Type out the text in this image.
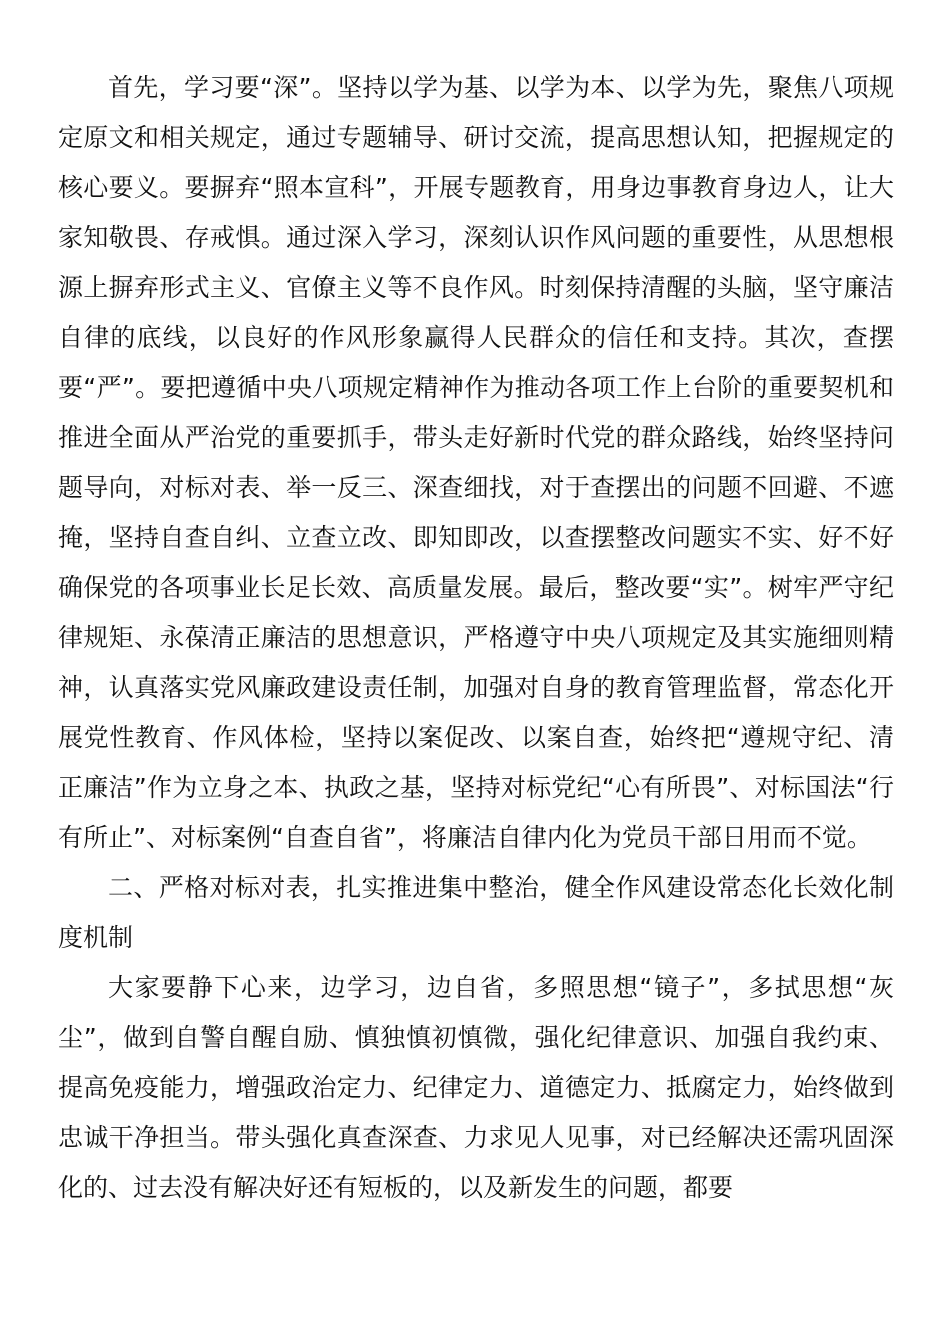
首先，学习要“深”。坚持以学为基、以学为本、以学为先，聚焦八项规定原文和相关规定，通过专题辅导、研讨交流，提高思想认知，把握规定的核心要义。要摒弃“照本宣科”，开展专题教育，用身边事教育身边人，让大家知敬畏、存戒惧。通过深入学习，深刻认识作风问题的重要性，从思想根源上摒弃形式主义、官僚主义等不良作风。时刻保持清醒的头脑，坚守廉洁自律的底线，以良好的作风形象赢得人民群众的信任和支持。其次，查摆要“严”。要把遵循中央八项规定精神作为推动各项工作上台阶的重要契机和推进全面从严治党的重要抓手，带头走好新时代党的群众路线，始终坚持问题导向，对标对表、举一反三、深查细找，对于查摆出的问题不回避、不遮掩，坚持自查自纠、立查立改、即知即改，以查摆整改问题实不实、好不好确保党的各项事业长足长效、高质量发展。最后，整改要“实”。树牢严守纪律规矩、永葆清正廉洁的思想意识，严格遵守中央八项规定及其实施细则精神，认真落实党风廉政建设责任制，加强对自身的教育管理监督，常态化开展党性教育、作风体检，坚持以案促改、以案自查，始终把“遵规守纪、清正廉洁”作为立身之本、执政之基，坚持对标党纪“心有所畏”、对标国法“行有所止”、对标案例“自查自省”，将廉洁自律内化为党员干部日用而不觉。

二、严格对标对表，扎实推进集中整治，健全作风建设常态化长效化制度机制

大家要静下心来，边学习，边自省，多照思想“镜子”，多拭思想“灰尘”，做到自警自醒自励、慎独慎初慎微，强化纪律意识、加强自我约束、提高免疫能力，增强政治定力、纪律定力、道德定力、抵腐定力，始终做到忠诚干净担当。带头强化真查深查、力求见人见事，对已经解决还需巩固深化的、过去没有解决好还有短板的，以及新发生的问题，都要
